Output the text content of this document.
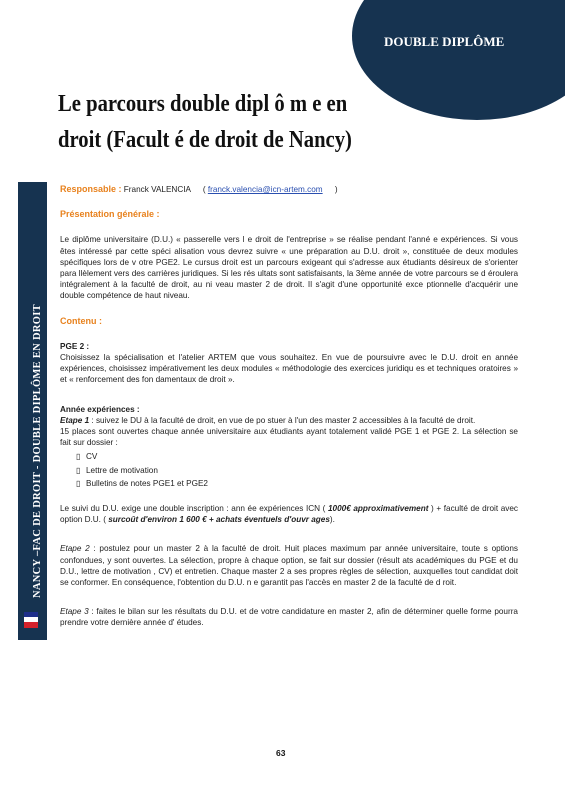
DOUBLE DIPLÔME
Le parcours double dipl ô m e en
droit (Facult é de droit de Nancy)
NANCY –FAC DE DROIT - DOUBLE DIPLÔME EN DROIT
Responsable : Franck VALENCIA ( franck.valencia@icn-artem.com )
Présentation générale :

Le diplôme universitaire (D.U.) « passerelle vers l e droit de l'entreprise » se réalise pendant l'anné e expériences. Si vous êtes intéressé par cette spéci alisation vous devrez suivre « une préparation au D.U. droit », constituée de deux modules spécifiques lors de v otre PGE2. Le cursus droit est un parcours exigeant qui s'adresse aux étudiants désireux de s'orienter para llèlement vers des carrières juridiques. Si les rés ultats sont satisfaisants, la 3ème année de votre parcours se d éroulera intégralement à la faculté de droit, au ni veau master 2 de droit. Il s'agit d'une opportunité exce ptionnelle d'acquérir une double compétence de haut niveau.

Contenu :
PGE 2 :

Choisissez la spécialisation et l'atelier ARTEM que vous souhaitez. En vue de poursuivre avec le D.U. droit en année expériences, choisissez impérativement les deux modules « méthodologie des exercices juridiqu es et techniques oratoires » et « renforcement des fon damentaux de droit ».

Année expériences :

Etape 1 : suivez le DU à la faculté de droit, en vue de po stuer à l'un des master 2 accessibles à la faculté de droit.

15 places sont ouvertes chaque année universitaire aux étudiants ayant totalement validé PGE 1 et PGE 2. La sélection se fait sur dossier :

▯ CV
▯ Lettre de motivation
▯ Bulletins de notes PGE1 et PGE2

Le suivi du D.U. exige une double inscription : ann ée expériences ICN ( 1000€ approximativement ) + faculté de droit avec option D.U. ( surcoût d'environ 1 600 € + achats éventuels d'ouvr ages).

Etape 2 : postulez pour un master 2 à la faculté de droit. Huit places maximum par année universitaire, toute s options confondues, y sont ouvertes. La sélection, propre à chaque option, se fait sur dossier (résult ats académiques du PGE et du D.U., lettre de motivation , CV) et entretien. Chaque master 2 a ses propres règles de sélection, auxquelles tout candidat doit se conformer. En conséquence, l'obtention du D.U. n e garantit pas l'accès en master 2 de la faculté de d roit.

Etape 3 : faites le bilan sur les résultats du D.U. et de votre candidature en master 2, afin de déterminer quelle forme pourra prendre votre dernière année d' études.

63
